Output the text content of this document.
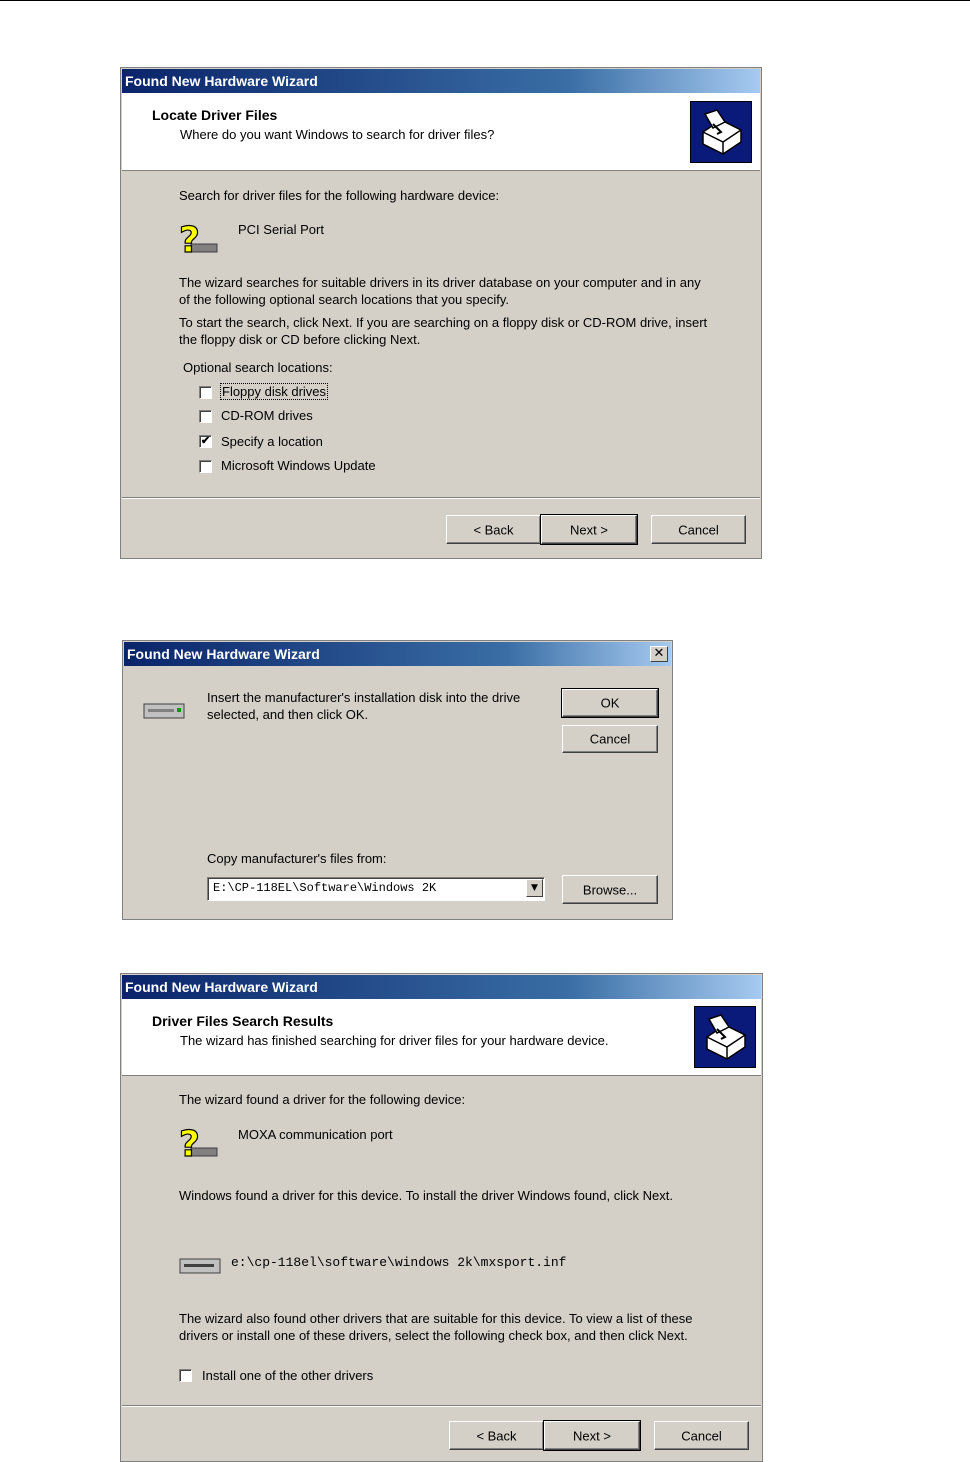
Found New Hardware Wizard
Locate Driver Files
Where do you want Windows to search for driver files?
Search for driver files for the following hardware device:
?	PCI Serial Port
The wizard searches for suitable drivers in its driver database on your computer and in any of the following optional search locations that you specify.
To start the search, click Next. If you are searching on a floppy disk or CD-ROM drive, insert the floppy disk or CD before clicking Next.
Optional search locations:
Floppy disk drives
CD-ROM drives
✔ Specify a location
Microsoft Windows Update
< Back	Next >	Cancel
Found New Hardware Wizard	✕
Insert the manufacturer's installation disk into the drive selected, and then click OK.
OK
Cancel
Copy manufacturer's files from:
E:\CP-118EL\Software\Windows 2K	▼	Browse...
Found New Hardware Wizard
Driver Files Search Results
The wizard has finished searching for driver files for your hardware device.
The wizard found a driver for the following device:
?	MOXA communication port
Windows found a driver for this device. To install the driver Windows found, click Next.
e:\cp-118el\software\windows 2k\mxsport.inf
The wizard also found other drivers that are suitable for this device. To view a list of these drivers or install one of these drivers, select the following check box, and then click Next.
Install one of the other drivers
< Back	Next >	Cancel
